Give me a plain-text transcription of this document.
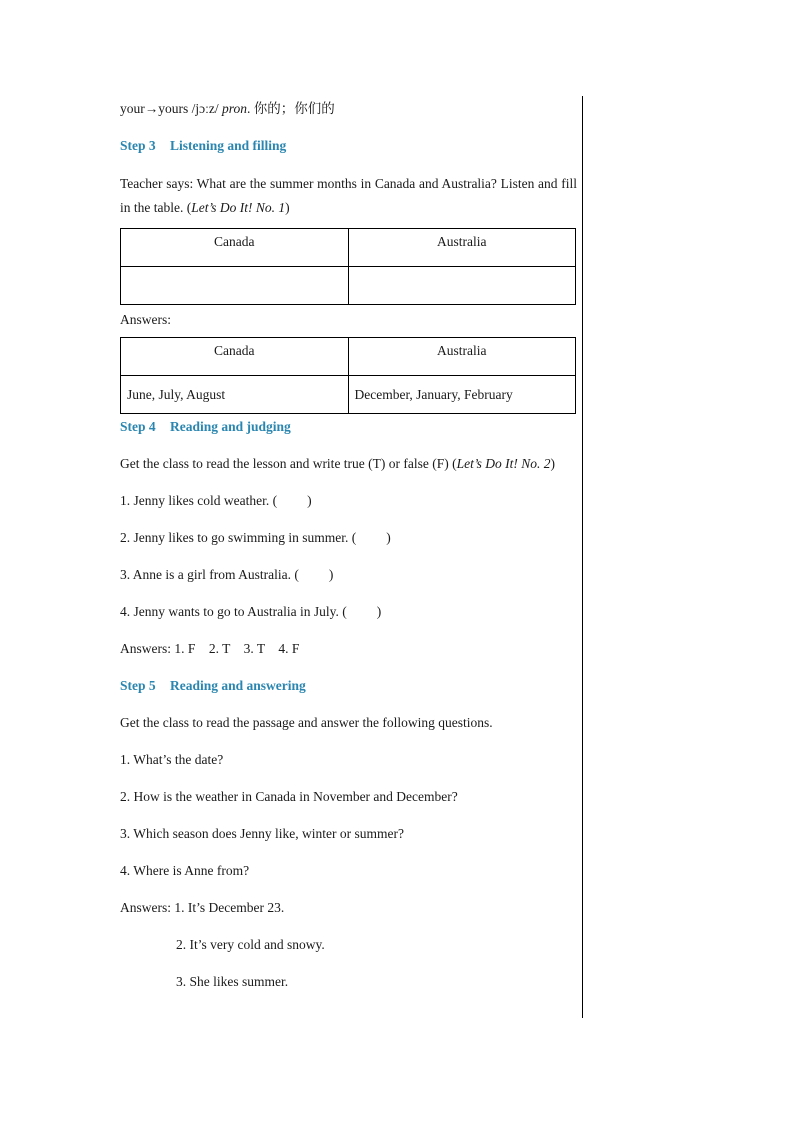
your→yours /jɔːz/ pron. 你的；你们的
Step 3 Listening and filling
Teacher says: What are the summer months in Canada and Australia? Listen and fill in the table. (Let’s Do It! No. 1)
Canada	Australia

Answers:
Canada	Australia
June, July, August	December, January, February
Step 4 Reading and judging
Get the class to read the lesson and write true (T) or false (F) (Let’s Do It! No. 2)
1. Jenny likes cold weather. ( )
2. Jenny likes to go swimming in summer. ( )
3. Anne is a girl from Australia. ( )
4. Jenny wants to go to Australia in July. ( )
Answers: 1. F    2. T    3. T    4. F
Step 5 Reading and answering
Get the class to read the passage and answer the following questions.
1. What’s the date?
2. How is the weather in Canada in November and December?
3. Which season does Jenny like, winter or summer?
4. Where is Anne from?
Answers: 1. It’s December 23.
2. It’s very cold and snowy.
3. She likes summer.
